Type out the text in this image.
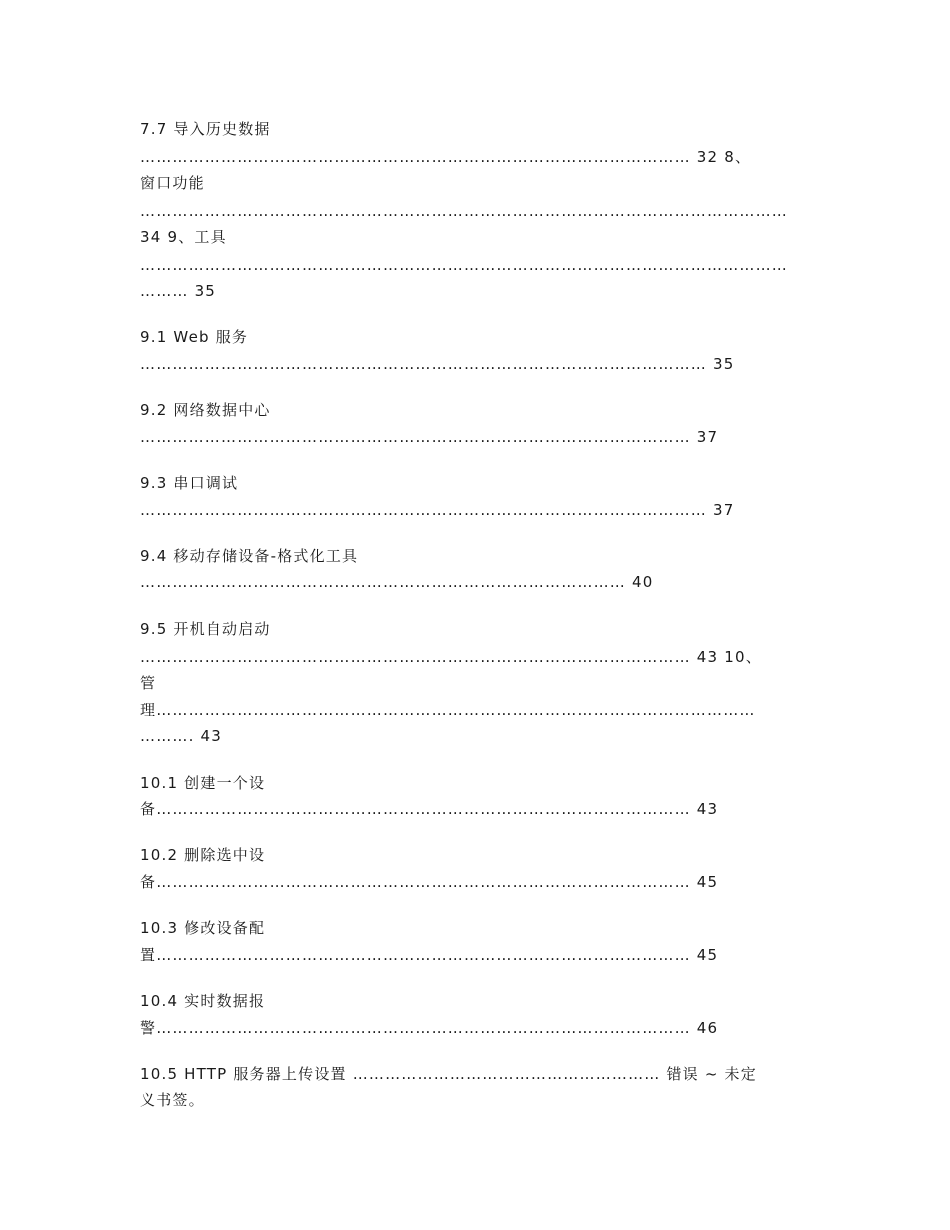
7.7 导入历史数据
………………………………………………………………………………………… 32 8、
窗口功能
…………………………………………………………………………………………………………
34 9、工具
…………………………………………………………………………………………………………
……… 35
9.1 Web 服务
…………………………………………………………………………………………… 35
9.2 网络数据中心
………………………………………………………………………………………… 37
9.3 串口调试
…………………………………………………………………………………………… 37
9.4 移动存储设备-格式化工具
……………………………………………………………………………… 40
9.5 开机自动启动
………………………………………………………………………………………… 43 10、
管
理…………………………………………………………………………………………………
………. 43
10.1 创建一个设
备……………………………………………………………………………………… 43
10.2 删除选中设
备……………………………………………………………………………………… 45
10.3 修改设备配
置……………………………………………………………………………………… 45
10.4 实时数据报
警……………………………………………………………………………………… 46
10.5 HTTP 服务器上传设置 ………………………………………………… 错误 ~ 未定
义书签。
